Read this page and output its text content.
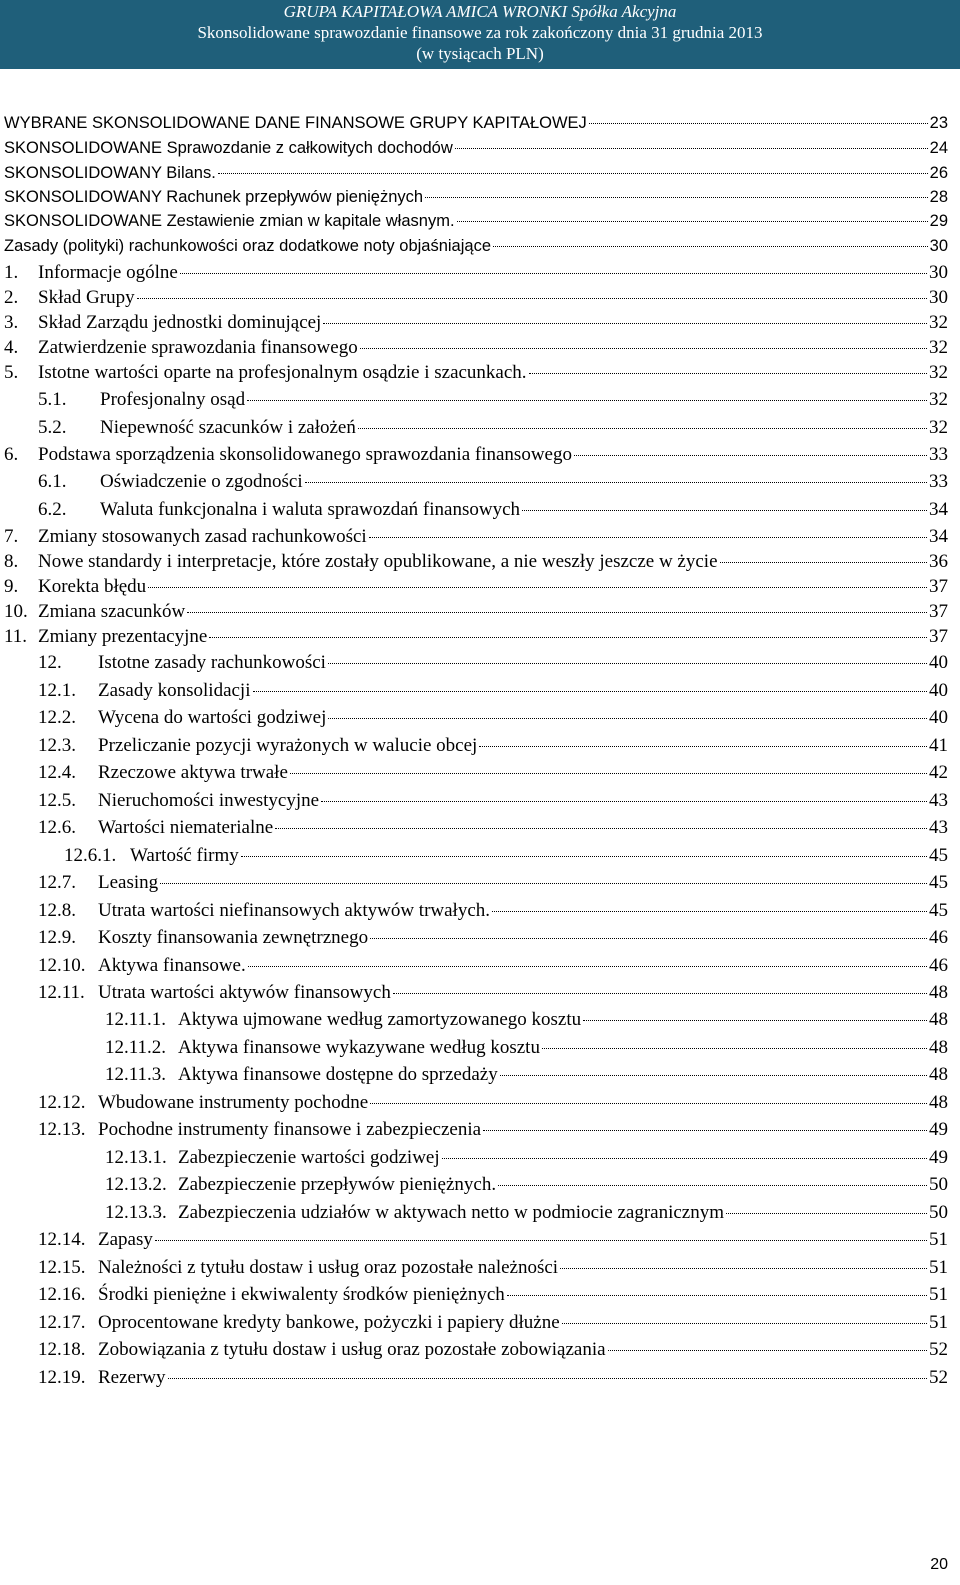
GRUPA KAPITAŁOWA AMICA WRONKI Spółka Akcyjna
Skonsolidowane sprawozdanie finansowe za rok zakończony dnia 31 grudnia 2013
(w tysiącach PLN)
WYBRANE SKONSOLIDOWANE DANE FINANSOWE GRUPY KAPITAŁOWEJ	23
SKONSOLIDOWANE Sprawozdanie z całkowitych dochodów	24
SKONSOLIDOWANY Bilans.	26
SKONSOLIDOWANY Rachunek przepływów pieniężnych	28
SKONSOLIDOWANE Zestawienie zmian w kapitale własnym.	29
Zasady (polityki) rachunkowości oraz dodatkowe noty objaśniające	30
1. Informacje ogólne	30
2. Skład Grupy	30
3. Skład Zarządu jednostki dominującej	32
4. Zatwierdzenie sprawozdania finansowego	32
5. Istotne wartości oparte na profesjonalnym osądzie i szacunkach.	32
5.1. Profesjonalny osąd	32
5.2. Niepewność szacunków i założeń	32
6. Podstawa sporządzenia skonsolidowanego sprawozdania finansowego	33
6.1. Oświadczenie o zgodności	33
6.2. Waluta funkcjonalna i waluta sprawozdań finansowych	34
7. Zmiany stosowanych zasad rachunkowości	34
8. Nowe standardy i interpretacje, które zostały opublikowane, a nie weszły jeszcze w życie	36
9. Korekta błędu	37
10. Zmiana szacunków	37
11. Zmiany prezentacyjne	37
12. Istotne zasady rachunkowości	40
12.1. Zasady konsolidacji	40
12.2. Wycena do wartości godziwej	40
12.3. Przeliczanie pozycji wyrażonych w walucie obcej	41
12.4. Rzeczowe aktywa trwałe	42
12.5. Nieruchomości inwestycyjne	43
12.6. Wartości niematerialne	43
12.6.1. Wartość firmy	45
12.7. Leasing	45
12.8. Utrata wartości niefinansowych aktywów trwałych.	45
12.9. Koszty finansowania zewnętrznego	46
12.10. Aktywa finansowe.	46
12.11. Utrata wartości aktywów finansowych	48
12.11.1. Aktywa ujmowane według zamortyzowanego kosztu	48
12.11.2. Aktywa finansowe wykazywane według kosztu	48
12.11.3. Aktywa finansowe dostępne do sprzedaży	48
12.12. Wbudowane instrumenty pochodne	48
12.13. Pochodne instrumenty finansowe i zabezpieczenia	49
12.13.1. Zabezpieczenie wartości godziwej	49
12.13.2. Zabezpieczenie przepływów pieniężnych.	50
12.13.3. Zabezpieczenia udziałów w aktywach netto w podmiocie zagranicznym	50
12.14. Zapasy	51
12.15. Należności z tytułu dostaw i usług oraz pozostałe należności	51
12.16. Środki pieniężne i ekwiwalenty środków pieniężnych	51
12.17. Oprocentowane kredyty bankowe, pożyczki i papiery dłużne	51
12.18. Zobowiązania z tytułu dostaw i usług oraz pozostałe zobowiązania	52
12.19. Rezerwy	52
20
